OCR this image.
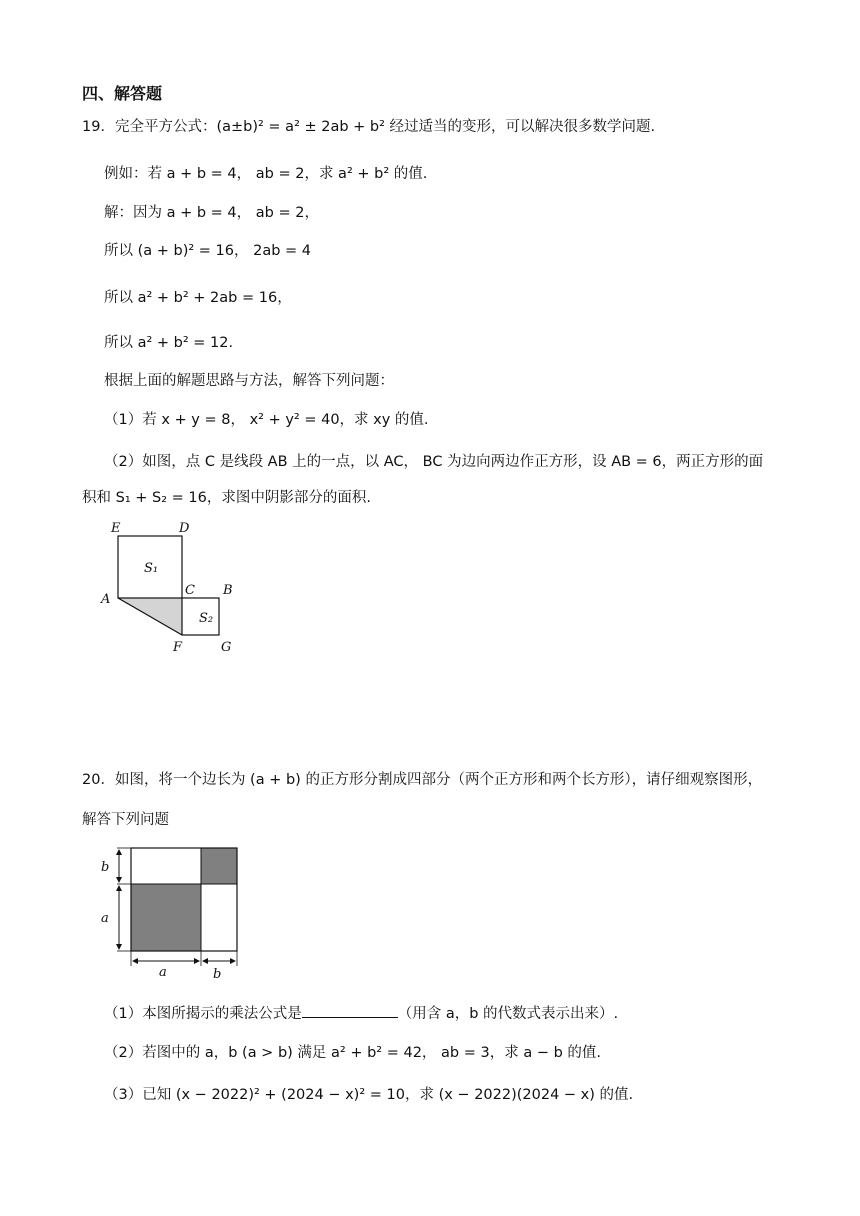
四、解答题
19．完全平方公式：(a±b)² = a² ± 2ab + b² 经过适当的变形，可以解决很多数学问题.
例如：若 a + b = 4， ab = 2，求 a² + b² 的值.
解：因为 a + b = 4， ab = 2，
所以 (a + b)² = 16， 2ab = 4
所以 a² + b² + 2ab = 16，
所以 a² + b² = 12.
根据上面的解题思路与方法，解答下列问题：
（1）若 x + y = 8， x² + y² = 40，求 xy 的值.
（2）如图，点 C 是线段 AB 上的一点，以 AC， BC 为边向两边作正方形，设 AB = 6，两正方形的面
积和 S₁ + S₂ = 16，求图中阴影部分的面积.
E	D
S₁
A
C B
S₂
F	G
20．如图，将一个边长为 (a + b) 的正方形分割成四部分（两个正方形和两个长方形），请仔细观察图形，
解答下列问题
b
a
a	b
（1）本图所揭示的乘法公式是	（用含 a，b 的代数式表示出来）.
（2）若图中的 a，b (a > b) 满足 a² + b² = 42， ab = 3，求 a − b 的值.
（3）已知 (x − 2022)² + (2024 − x)² = 10，求 (x − 2022)(2024 − x) 的值.
